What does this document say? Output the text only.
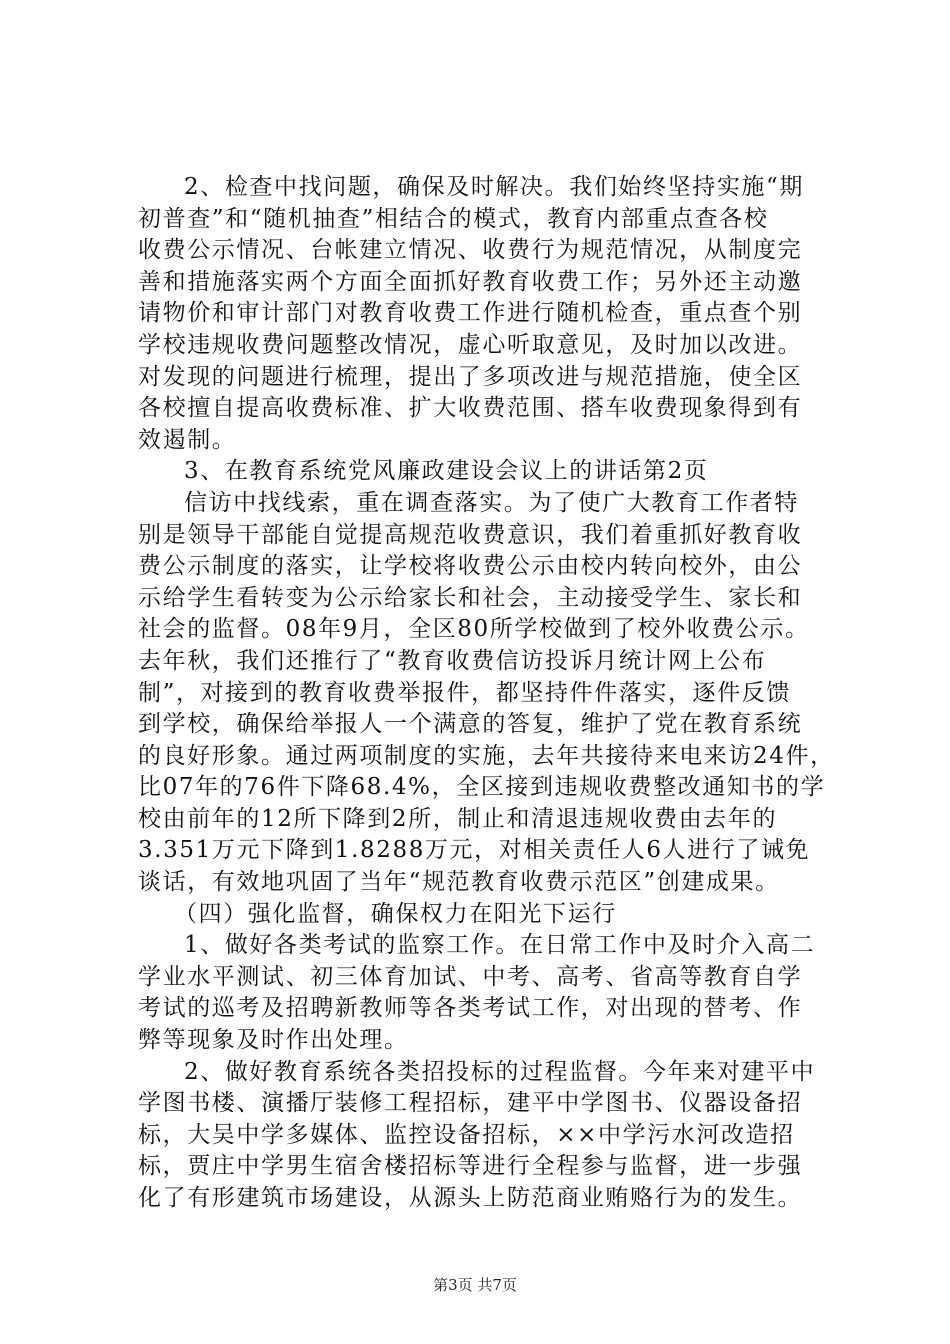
2、检查中找问题，确保及时解决。我们始终坚持实施“期
初普查”和“随机抽查”相结合的模式，教育内部重点查各校
收费公示情况、台帐建立情况、收费行为规范情况，从制度完
善和措施落实两个方面全面抓好教育收费工作；另外还主动邀
请物价和审计部门对教育收费工作进行随机检查，重点查个别
学校违规收费问题整改情况，虚心听取意见，及时加以改进。
对发现的问题进行梳理，提出了多项改进与规范措施，使全区
各校擅自提高收费标准、扩大收费范围、搭车收费现象得到有
效遏制。
3、在教育系统党风廉政建设会议上的讲话第2页
信访中找线索，重在调查落实。为了使广大教育工作者特
别是领导干部能自觉提高规范收费意识，我们着重抓好教育收
费公示制度的落实，让学校将收费公示由校内转向校外，由公
示给学生看转变为公示给家长和社会，主动接受学生、家长和
社会的监督。08年9月，全区80所学校做到了校外收费公示。
去年秋，我们还推行了“教育收费信访投诉月统计网上公布
制”，对接到的教育收费举报件，都坚持件件落实，逐件反馈
到学校，确保给举报人一个满意的答复，维护了党在教育系统
的良好形象。通过两项制度的实施，去年共接待来电来访24件，
比07年的76件下降68.4%，全区接到违规收费整改通知书的学
校由前年的12所下降到2所，制止和清退违规收费由去年的
3.351万元下降到1.8288万元，对相关责任人6人进行了诫免
谈话，有效地巩固了当年“规范教育收费示范区”创建成果。
（四）强化监督，确保权力在阳光下运行
1、做好各类考试的监察工作。在日常工作中及时介入高二
学业水平测试、初三体育加试、中考、高考、省高等教育自学
考试的巡考及招聘新教师等各类考试工作，对出现的替考、作
弊等现象及时作出处理。
2、做好教育系统各类招投标的过程监督。今年来对建平中
学图书楼、演播厅装修工程招标，建平中学图书、仪器设备招
标，大吴中学多媒体、监控设备招标，××中学污水河改造招
标，贾庄中学男生宿舍楼招标等进行全程参与监督，进一步强
化了有形建筑市场建设，从源头上防范商业贿赂行为的发生。
第3页 共7页
